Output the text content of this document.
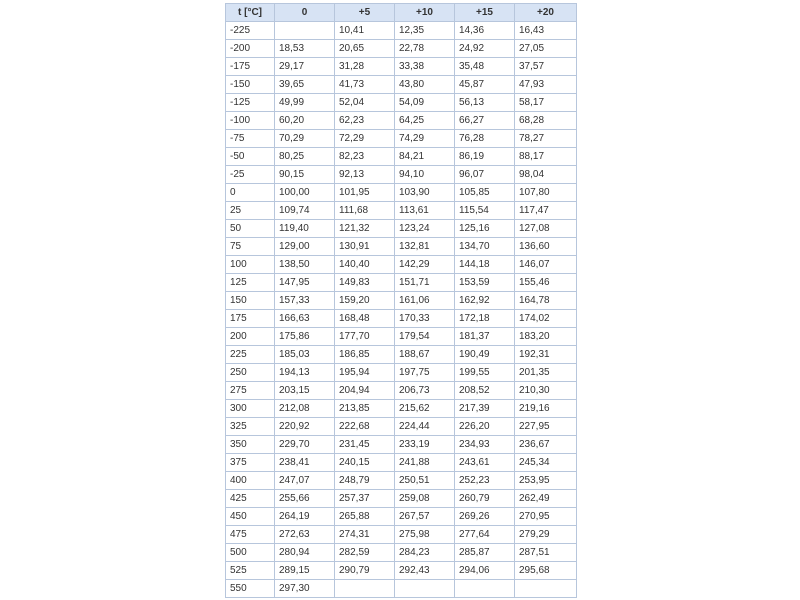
t [°C]	0	+5	+10	+15	+20
-225		10,41	12,35	14,36	16,43
-200	18,53	20,65	22,78	24,92	27,05
-175	29,17	31,28	33,38	35,48	37,57
-150	39,65	41,73	43,80	45,87	47,93
-125	49,99	52,04	54,09	56,13	58,17
-100	60,20	62,23	64,25	66,27	68,28
-75	70,29	72,29	74,29	76,28	78,27
-50	80,25	82,23	84,21	86,19	88,17
-25	90,15	92,13	94,10	96,07	98,04
0	100,00	101,95	103,90	105,85	107,80
25	109,74	111,68	113,61	115,54	117,47
50	119,40	121,32	123,24	125,16	127,08
75	129,00	130,91	132,81	134,70	136,60
100	138,50	140,40	142,29	144,18	146,07
125	147,95	149,83	151,71	153,59	155,46
150	157,33	159,20	161,06	162,92	164,78
175	166,63	168,48	170,33	172,18	174,02
200	175,86	177,70	179,54	181,37	183,20
225	185,03	186,85	188,67	190,49	192,31
250	194,13	195,94	197,75	199,55	201,35
275	203,15	204,94	206,73	208,52	210,30
300	212,08	213,85	215,62	217,39	219,16
325	220,92	222,68	224,44	226,20	227,95
350	229,70	231,45	233,19	234,93	236,67
375	238,41	240,15	241,88	243,61	245,34
400	247,07	248,79	250,51	252,23	253,95
425	255,66	257,37	259,08	260,79	262,49
450	264,19	265,88	267,57	269,26	270,95
475	272,63	274,31	275,98	277,64	279,29
500	280,94	282,59	284,23	285,87	287,51
525	289,15	290,79	292,43	294,06	295,68
550	297,30				
